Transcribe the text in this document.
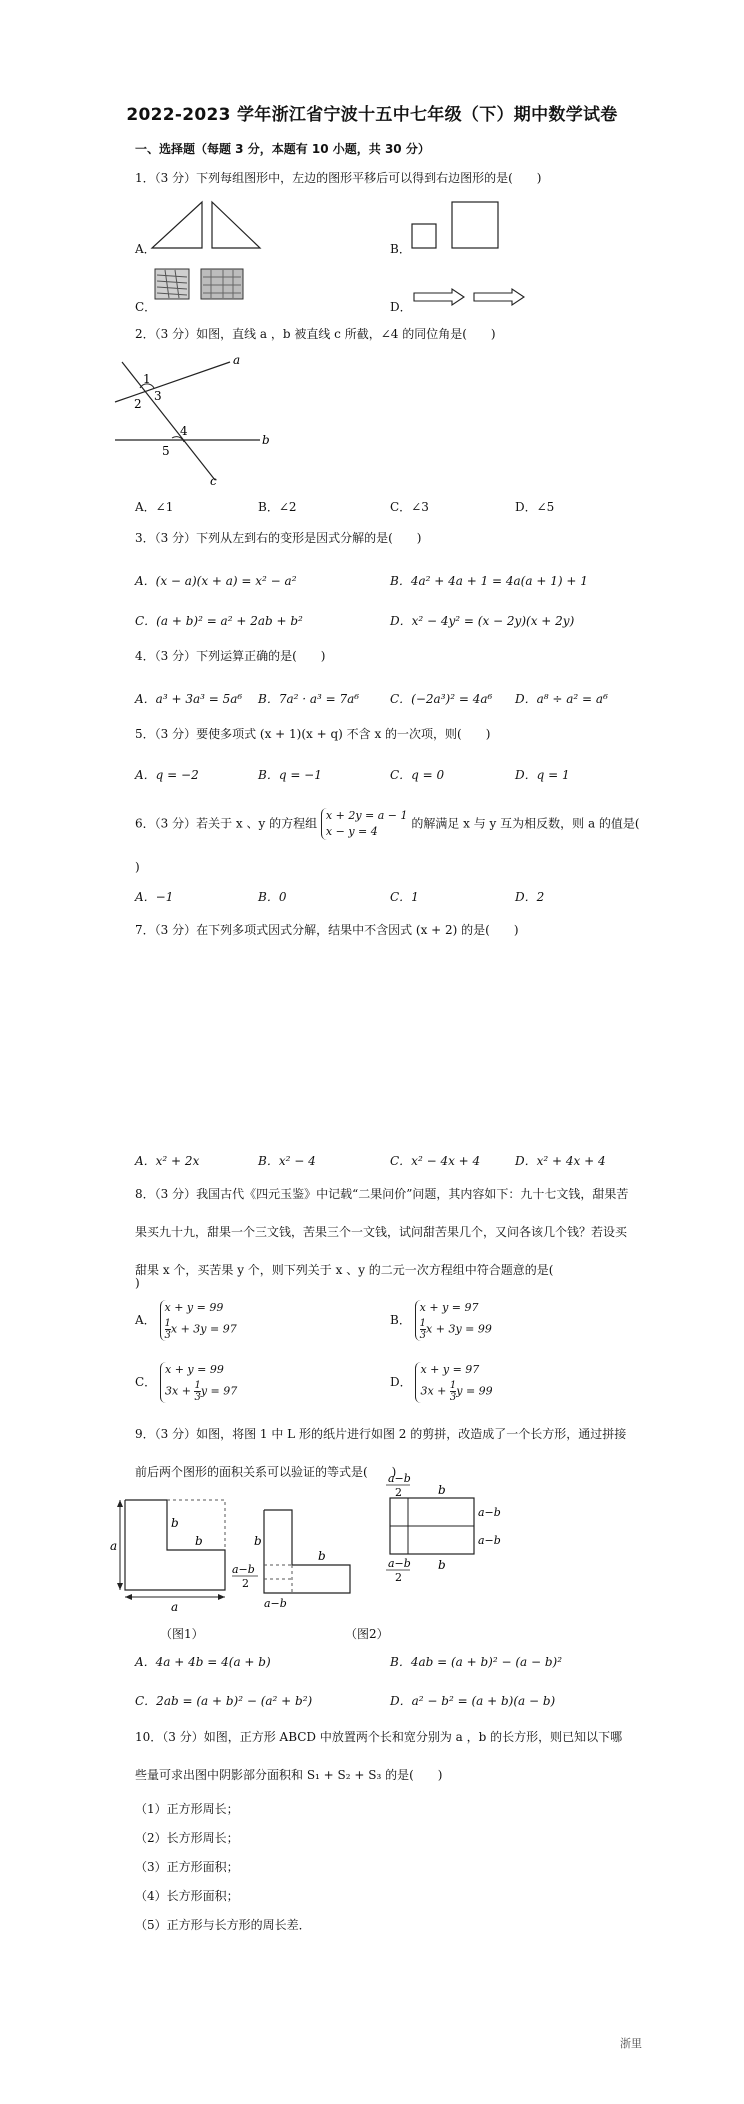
2022-2023 学年浙江省宁波十五中七年级（下）期中数学试卷
一、选择题（每题 3 分，本题有 10 小题，共 30 分）
1．（3 分）下列每组图形中，左边的图形平移后可以得到右边图形的是(　　)
A．	B．
C．	D．
2．（3 分）如图，直线 a ，b 被直线 c 所截，∠4 的同位角是(　　)
1
2
3
4
5
a
b
c
A．∠1	B．∠2	C．∠3	D．∠5
3．（3 分）下列从左到右的变形是因式分解的是(　　)
A．(x − a)(x + a) = x² − a²	B．4a² + 4a + 1 = 4a(a + 1) + 1
C．(a + b)² = a² + 2ab + b²	D．x² − 4y² = (x − 2y)(x + 2y)
4．（3 分）下列运算正确的是(　　)
A．a³ + 3a³ = 5a⁶ B．7a² · a³ = 7a⁶	C．(−2a³)² = 4a⁶ D．a⁸ ÷ a² = a⁶
5．（3 分）要使多项式 (x + 1)(x + q) 不含 x 的一次项，则(　　)
A．q = −2	B．q = −1	C．q = 0	D．q = 1
6．（3 分）若关于 x 、y 的方程组
x + 2y = a − 1
x − y = 4
的解满足 x 与 y 互为相反数，则 a 的值是(
)
A．−1	B．0	C．1	D．2
7．（3 分）在下列多项式因式分解，结果中不含因式 (x + 2) 的是(　　)
A．x² + 2x	B．x² − 4	C．x² − 4x + 4	D．x² + 4x + 4
8．（3 分）我国古代《四元玉鉴》中记载“二果问价”问题，其内容如下：九十七文钱，甜果苦果买九十九，甜果一个三文钱，苦果三个一文钱，试问甜苦果几个，又问各该几个钱？若设买甜果 x 个，买苦果 y 个，则下列关于 x 、y 的二元一次方程组中符合题意的是(
)
A．
x + y = 99
$\frac{1}{3}$ x + 3y = 97
B．
x + y = 97
$\frac{1}{3}$ x + 3y = 99
C．
x + y = 99
$3x + \frac{1}{3}$ y = 97
D．
x + y = 97
$3x + \frac{1}{3}$ y = 99
9．（3 分）如图，将图 1 中 L 形的纸片进行如图 2 的剪拼，改造成了一个长方形，通过拼接前后两个图形的面积关系可以验证的等式是(　　)
a
a
b
b
（图1）
b
b
a−b
2
a−b
a−b
2	b
a−b
a−b
a−b
2
b
（图2）
A．4a + 4b = 4(a + b)	B．4ab = (a + b)² − (a − b)²
C．2ab = (a + b)² − (a² + b²)	D．a² − b² = (a + b)(a − b)
10．（3 分）如图，正方形 ABCD 中放置两个长和宽分别为 a ，b 的长方形，则已知以下哪些量可求出图中阴影部分面积和 S₁ + S₂ + S₃ 的是(　　)
（1）正方形周长；
（2）长方形周长；
（3）正方形面积；
（4）长方形面积；
（5）正方形与长方形的周长差．
浙里
